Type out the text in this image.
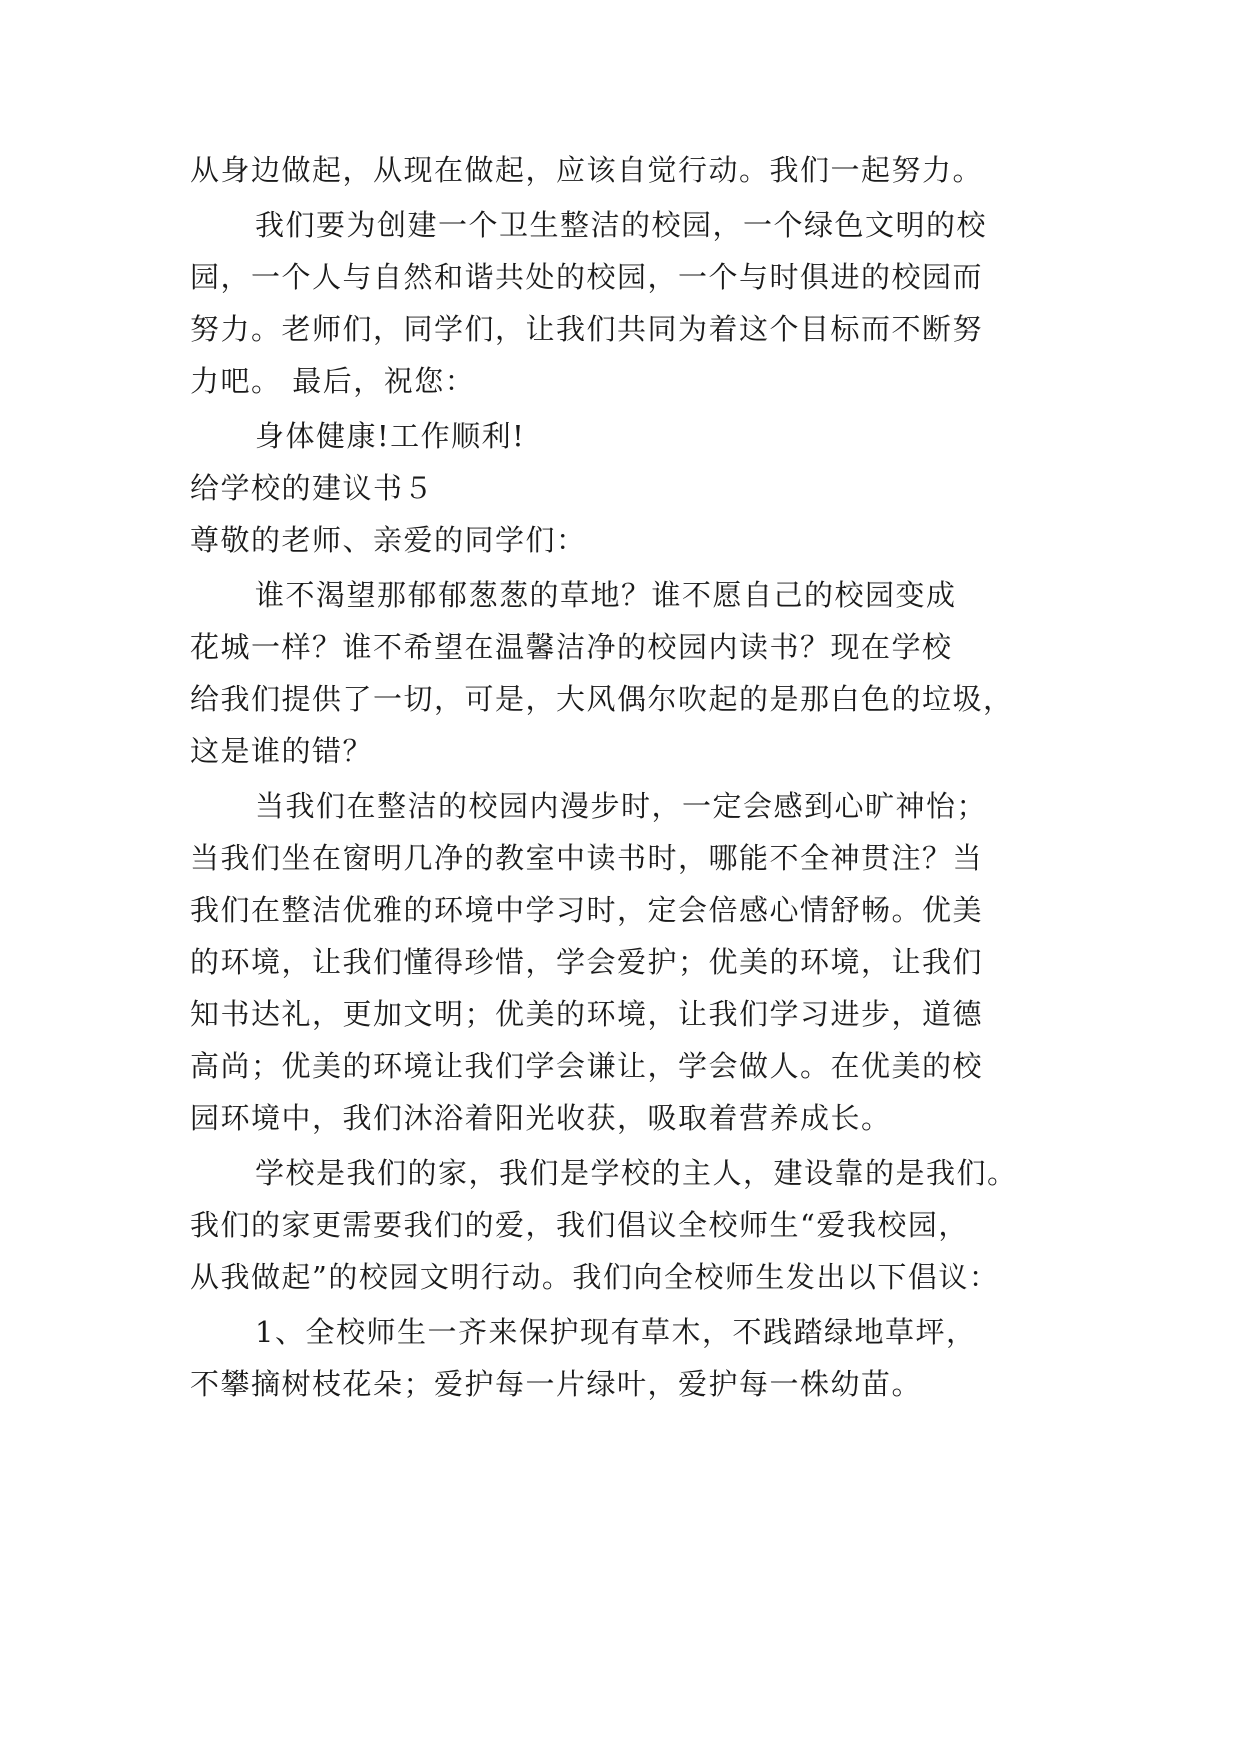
从身边做起，从现在做起，应该自觉行动。我们一起努力。
我们要为创建一个卫生整洁的校园，一个绿色文明的校
园，一个人与自然和谐共处的校园，一个与时俱进的校园而
努力。老师们，同学们，让我们共同为着这个目标而不断努
力吧。 最后，祝您：
身体健康!工作顺利!
给学校的建议书５
尊敬的老师、亲爱的同学们：
谁不渴望那郁郁葱葱的草地？谁不愿自己的校园变成
花城一样？谁不希望在温馨洁净的校园内读书？现在学校
给我们提供了一切，可是，大风偶尔吹起的是那白色的垃圾，
这是谁的错？
当我们在整洁的校园内漫步时，一定会感到心旷神怡；
当我们坐在窗明几净的教室中读书时，哪能不全神贯注？当
我们在整洁优雅的环境中学习时，定会倍感心情舒畅。优美
的环境，让我们懂得珍惜，学会爱护；优美的环境，让我们
知书达礼，更加文明；优美的环境，让我们学习进步，道德
高尚；优美的环境让我们学会谦让，学会做人。在优美的校
园环境中，我们沐浴着阳光收获，吸取着营养成长。
学校是我们的家，我们是学校的主人，建设靠的是我们。
我们的家更需要我们的爱，我们倡议全校师生“爱我校园，
从我做起”的校园文明行动。我们向全校师生发出以下倡议：
1、全校师生一齐来保护现有草木，不践踏绿地草坪，
不攀摘树枝花朵；爱护每一片绿叶，爱护每一株幼苗。
